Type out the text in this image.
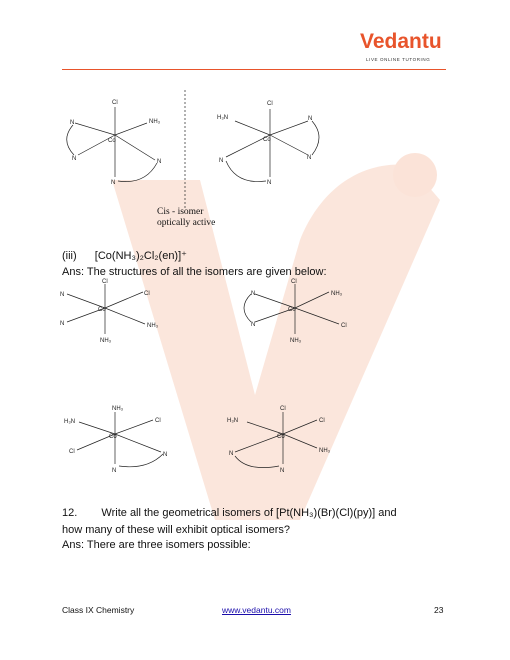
Vedantu
LIVE ONLINE TUTORING
Cl
N	NH₃
Co
N	N
N
Cl
H₃N	N
Co
N	N
N
Cis - isomer
optically active
(iii) [Co(NH₃)₂Cl₂(en)]⁺
Ans: The structures of all the isomers are given below:
Cl
N	Cl
Co
N	NH₃
NH₃
Cl
N	NH₃
Co
N	Cl
NH₃
NH₃
H₃N	Cl
Co
Cl	N
N
Cl
H₃N	Cl
Co
N	NH₃
N
12. Write all the geometrical isomers of [Pt(NH₃)(Br)(Cl)(py)] and
how many of these will exhibit optical isomers?
Ans: There are three isomers possible:
Class IX Chemistry	www.vedantu.com	23
